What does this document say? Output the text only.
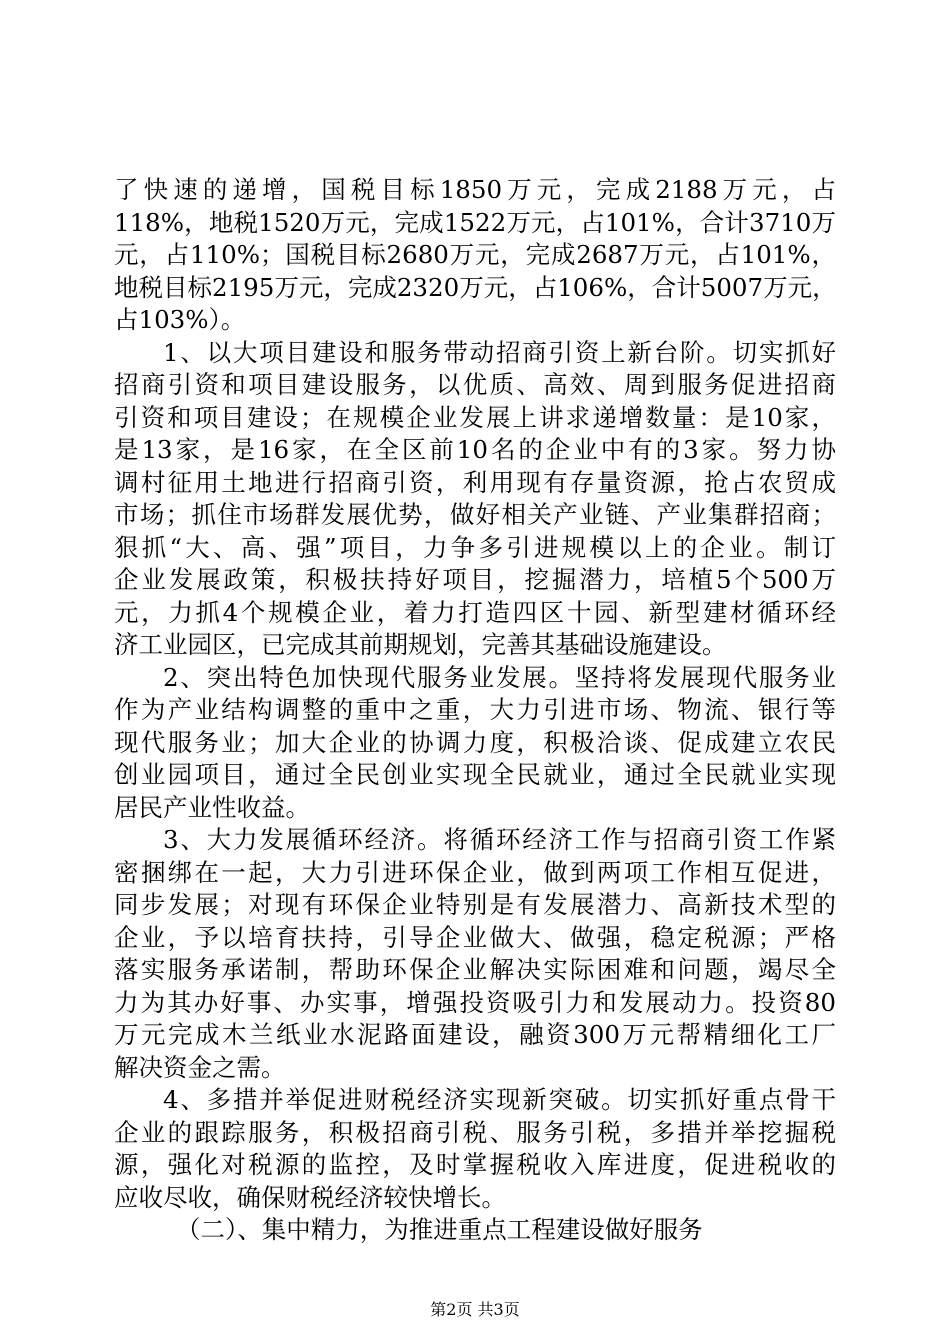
了快速的递增，国税目标1850万元，完成2188万元，占
118%，地税1520万元，完成1522万元，占101%，合计3710万
元，占110%；国税目标2680万元，完成2687万元，占101%，
地税目标2195万元，完成2320万元，占106%，合计5007万元，
占103%）。
1、以大项目建设和服务带动招商引资上新台阶。切实抓好
招商引资和项目建设服务，以优质、高效、周到服务促进招商
引资和项目建设；在规模企业发展上讲求递增数量：是10家，
是13家，是16家，在全区前10名的企业中有的3家。努力协
调村征用土地进行招商引资，利用现有存量资源，抢占农贸成
市场；抓住市场群发展优势，做好相关产业链、产业集群招商；
狠抓“大、高、强”项目，力争多引进规模以上的企业。制订
企业发展政策，积极扶持好项目，挖掘潜力，培植5个500万
元，力抓4个规模企业，着力打造四区十园、新型建材循环经
济工业园区，已完成其前期规划，完善其基础设施建设。
2、突出特色加快现代服务业发展。坚持将发展现代服务业
作为产业结构调整的重中之重，大力引进市场、物流、银行等
现代服务业；加大企业的协调力度，积极洽谈、促成建立农民
创业园项目，通过全民创业实现全民就业，通过全民就业实现
居民产业性收益。
3、大力发展循环经济。将循环经济工作与招商引资工作紧
密捆绑在一起，大力引进环保企业，做到两项工作相互促进，
同步发展；对现有环保企业特别是有发展潜力、高新技术型的
企业，予以培育扶持，引导企业做大、做强，稳定税源；严格
落实服务承诺制，帮助环保企业解决实际困难和问题，竭尽全
力为其办好事、办实事，增强投资吸引力和发展动力。投资80
万元完成木兰纸业水泥路面建设，融资300万元帮精细化工厂
解决资金之需。
4、多措并举促进财税经济实现新突破。切实抓好重点骨干
企业的跟踪服务，积极招商引税、服务引税，多措并举挖掘税
源，强化对税源的监控，及时掌握税收入库进度，促进税收的
应收尽收，确保财税经济较快增长。
（二）、集中精力，为推进重点工程建设做好服务
第2页 共3页
